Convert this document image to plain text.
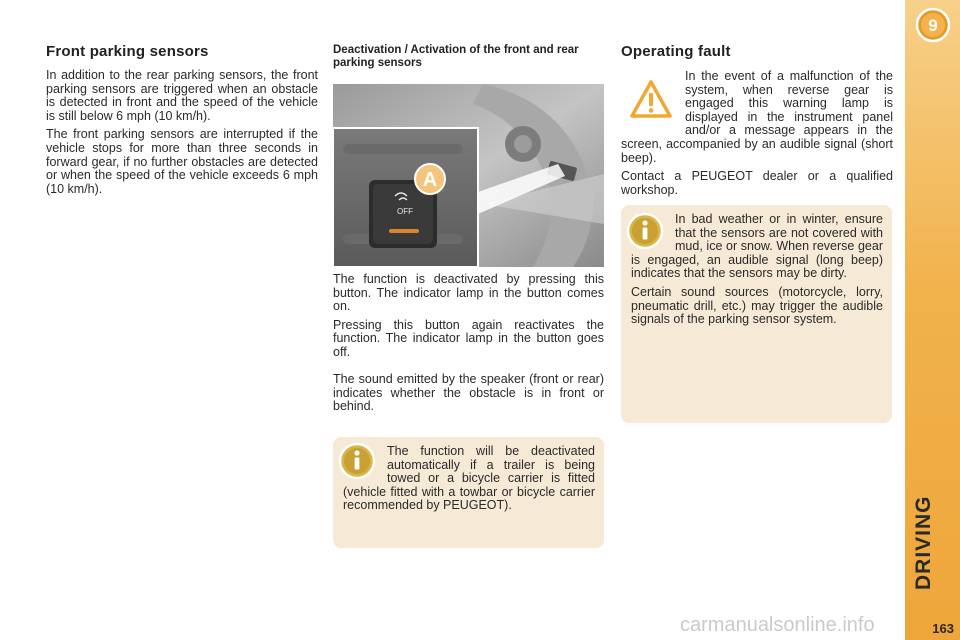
Front parking sensors

In addition to the rear parking sensors, the front parking sensors are triggered when an obstacle is detected in front and the speed of the vehicle is still below 6 mph (10 km/h).

The front parking sensors are interrupted if the vehicle stops for more than three seconds in forward gear, if no further obstacles are detected or when the speed of the vehicle exceeds 6 mph (10 km/h).

Deactivation / Activation of the front and rear parking sensors
OFF
A

The function is deactivated by pressing this button. The indicator lamp in the button comes on.

Pressing this button again reactivates the function. The indicator lamp in the button goes off.

The sound emitted by the speaker (front or rear) indicates whether the obstacle is in front or behind.

The function will be deactivated automatically if a trailer is being towed or a bicycle carrier is fitted (vehicle fitted with a towbar or bicycle carrier recommended by PEUGEOT).

Operating fault

In the event of a malfunction of the system, when reverse gear is engaged this warning lamp is displayed in the instrument panel and/or a message appears in the screen, accompanied by an audible signal (short beep).

Contact a PEUGEOT dealer or a qualified workshop.

In bad weather or in winter, ensure that the sensors are not covered with mud, ice or snow. When reverse gear is engaged, an audible signal (long beep) indicates that the sensors may be dirty.

Certain sound sources (motorcycle, lorry, pneumatic drill, etc.) may trigger the audible signals of the parking sensor system.

9
DRIVING
163
carmanualsonline.info
